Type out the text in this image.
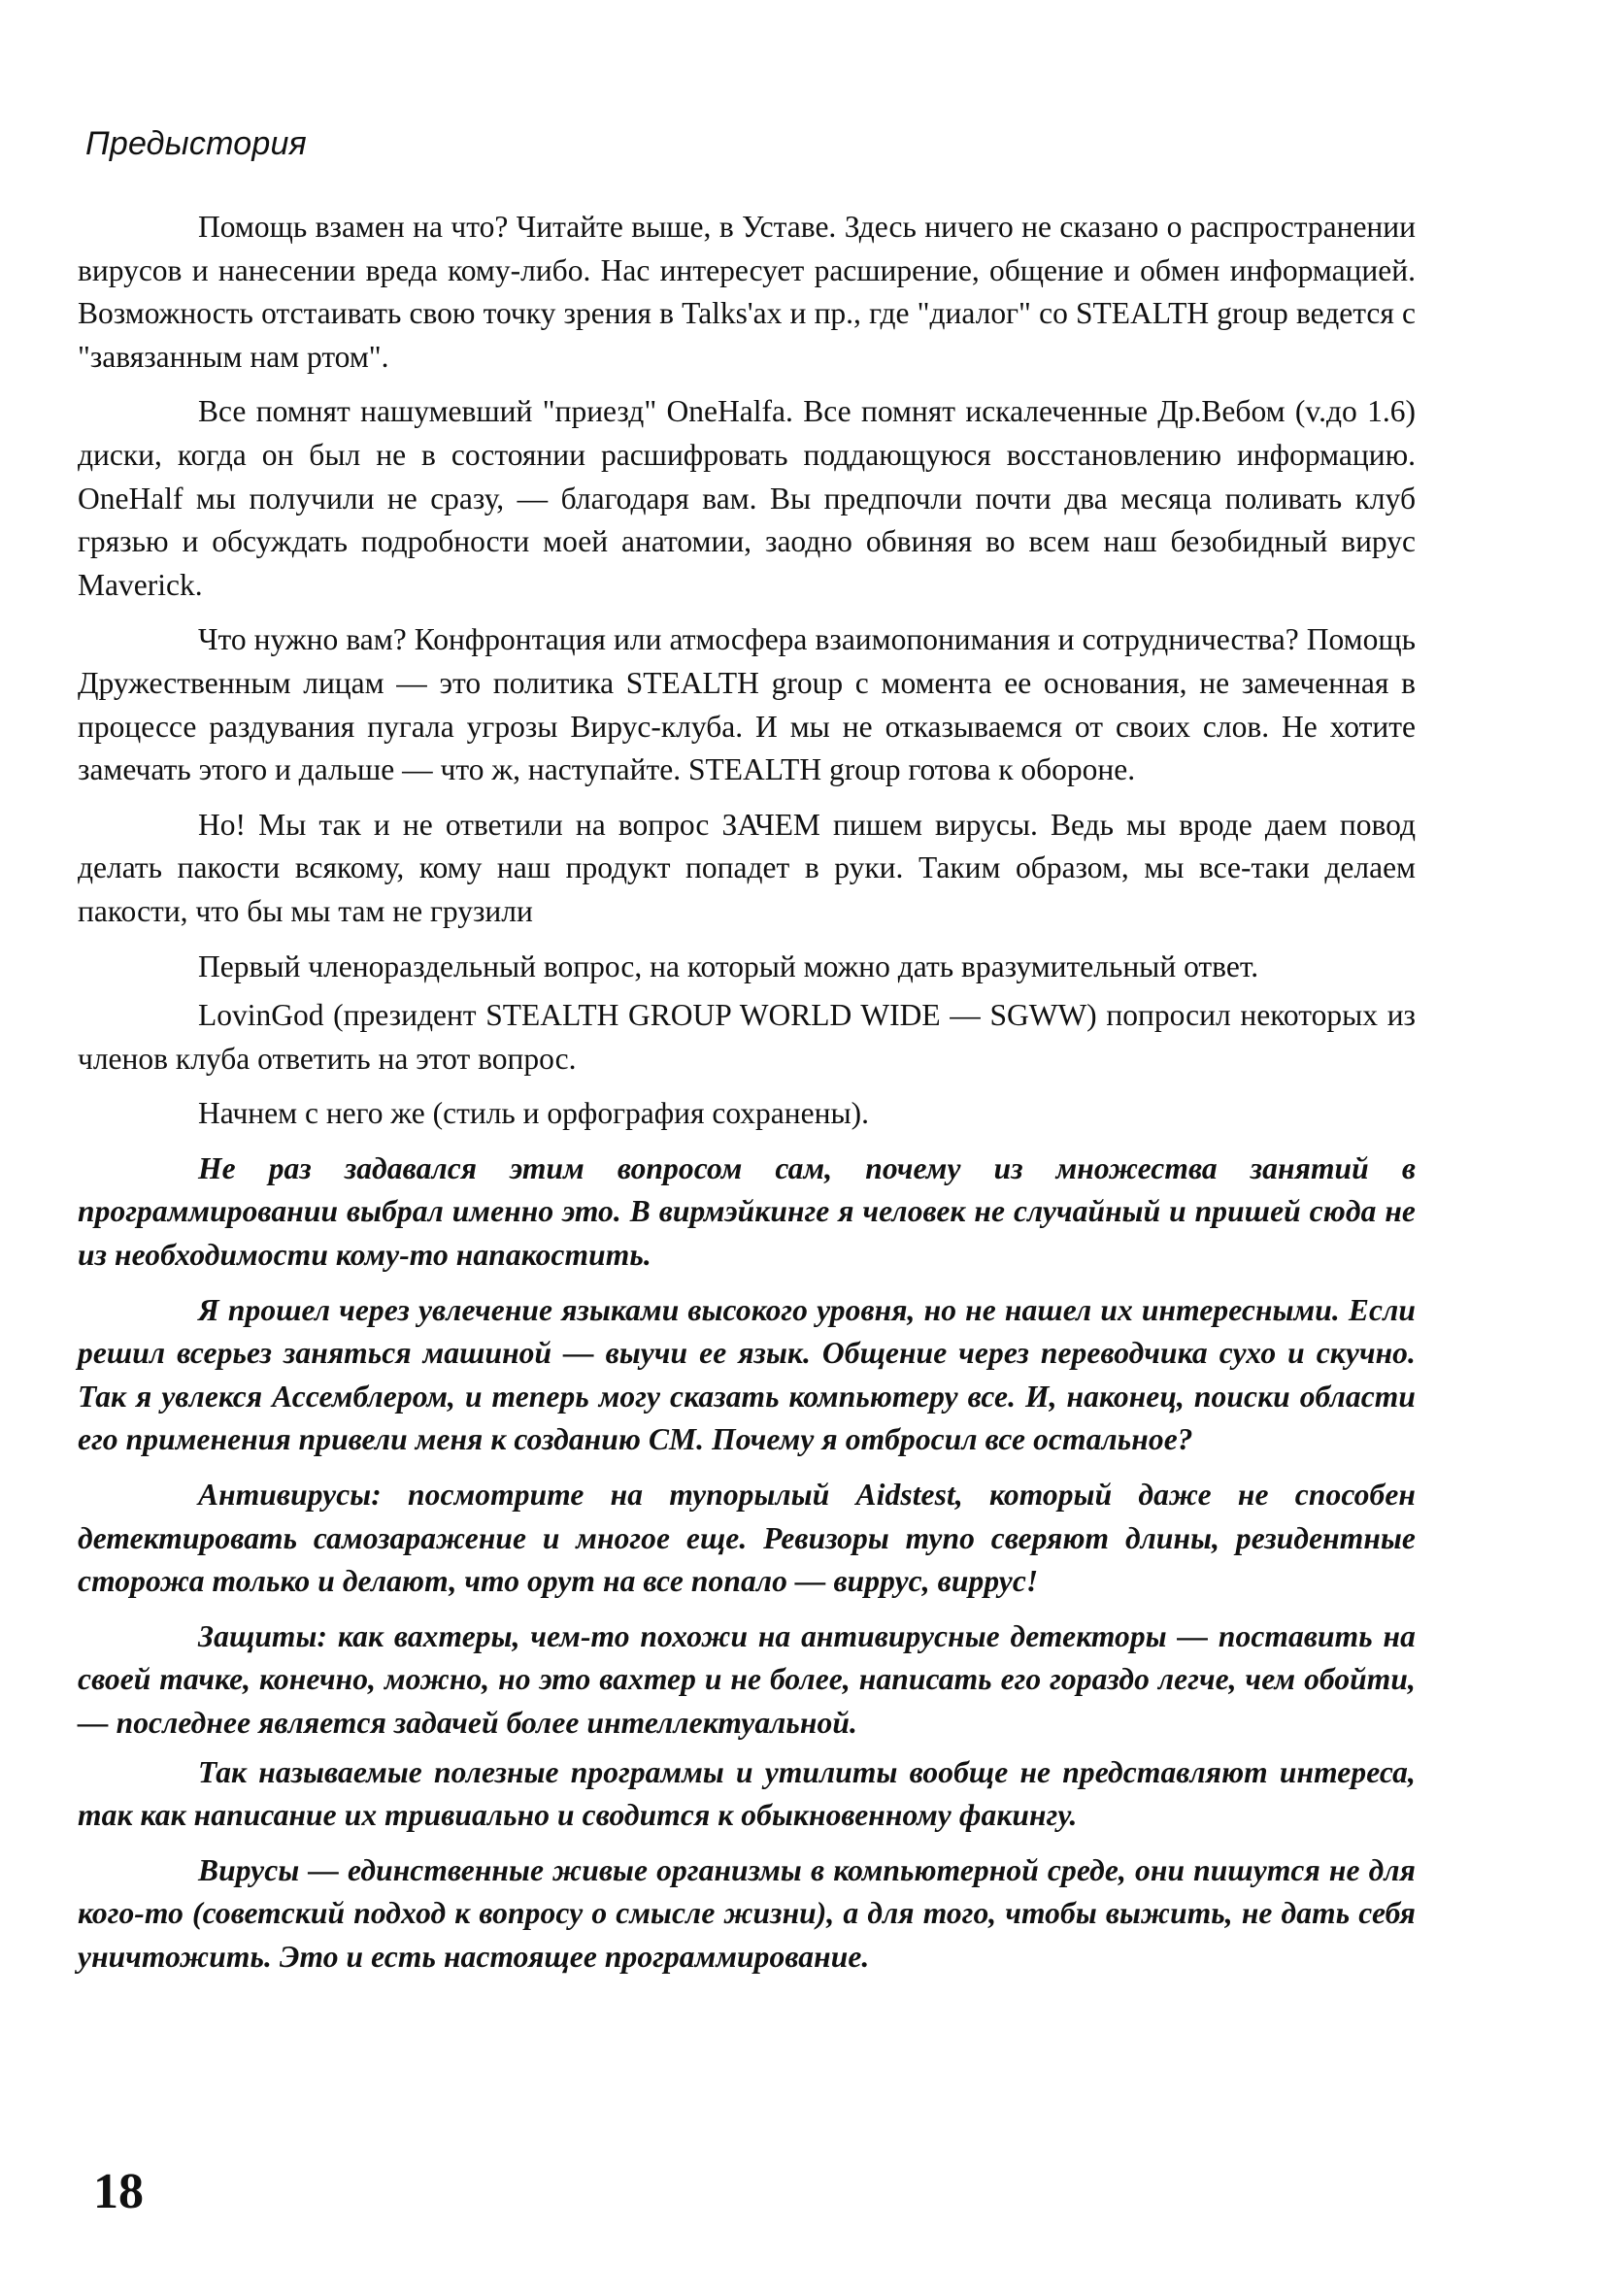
Предыстория

Помощь взамен на что? Читайте выше, в Уставе. Здесь ничего не сказано о распространении вирусов и нанесении вреда кому-либо. Нас интересует расширение, общение и обмен информацией. Возможность отстаивать свою точку зрения в Talks'ах и пр., где "диалог" со STEALTH group ведется с "завязанным нам ртом".

Все помнят нашумевший "приезд" OneHalfa. Все помнят искалеченные Др.Вебом (v.до 1.6) диски, когда он был не в состоянии расшифровать поддающуюся восстановлению информацию. OneHalf мы получили не сразу, — благодаря вам. Вы предпочли почти два месяца поливать клуб грязью и обсуждать подробности моей анатомии, заодно обвиняя во всем наш безобидный вирус Maverick.

Что нужно вам? Конфронтация или атмосфера взаимопонимания и сотрудничества? Помощь Дружественным лицам — это политика STEALTH group с момента ее основания, не замеченная в процессе раздувания пугала угрозы Вирус-клуба. И мы не отказываемся от своих слов. Не хотите замечать этого и дальше — что ж, наступайте. STEALTH group готова к обороне.

Но! Мы так и не ответили на вопрос ЗАЧЕМ пишем вирусы. Ведь мы вроде даем повод делать пакости всякому, кому наш продукт попадет в руки. Таким образом, мы все-таки делаем пакости, что бы мы там не грузили

Первый членораздельный вопрос, на который можно дать вразумительный ответ.

LovinGod (президент STEALTH GROUP WORLD WIDE — SGWW) попросил некоторых из членов клуба ответить на этот вопрос.

Начнем с него же (стиль и орфография сохранены).

Не раз задавался этим вопросом сам, почему из множества занятий в программировании выбрал именно это. В вирмэйкинге я человек не случайный и пришей сюда не из необходимости кому-то напакостить.

Я прошел через увлечение языками высокого уровня, но не нашел их интересными. Если решил всерьез заняться машиной — выучи ее язык. Общение через переводчика сухо и скучно. Так я увлекся Ассемблером, и теперь могу сказать компьютеру все. И, наконец, поиски области его применения привели меня к созданию СМ. Почему я отбросил все остальное?

Антивирусы: посмотрите на тупорылый Aidstest, который даже не способен детектировать самозаражение и многое еще. Ревизоры тупо сверяют длины, резидентные сторожа только и делают, что орут на все попало — виррус, виррус!

Защиты: как вахтеры, чем-то похожи на антивирусные детекторы — поставить на своей тачке, конечно, можно, но это вахтер и не более, написать его гораздо легче, чем обойти, — последнее является задачей более интеллектуальной.

Так называемые полезные программы и утилиты вообще не представляют интереса, так как написание их тривиально и сводится к обыкновенному факингу.

Вирусы — единственные живые организмы в компьютерной среде, они пишутся не для кого-то (советский подход к вопросу о смысле жизни), а для того, чтобы выжить, не дать себя уничтожить. Это и есть настоящее программирование.

18
